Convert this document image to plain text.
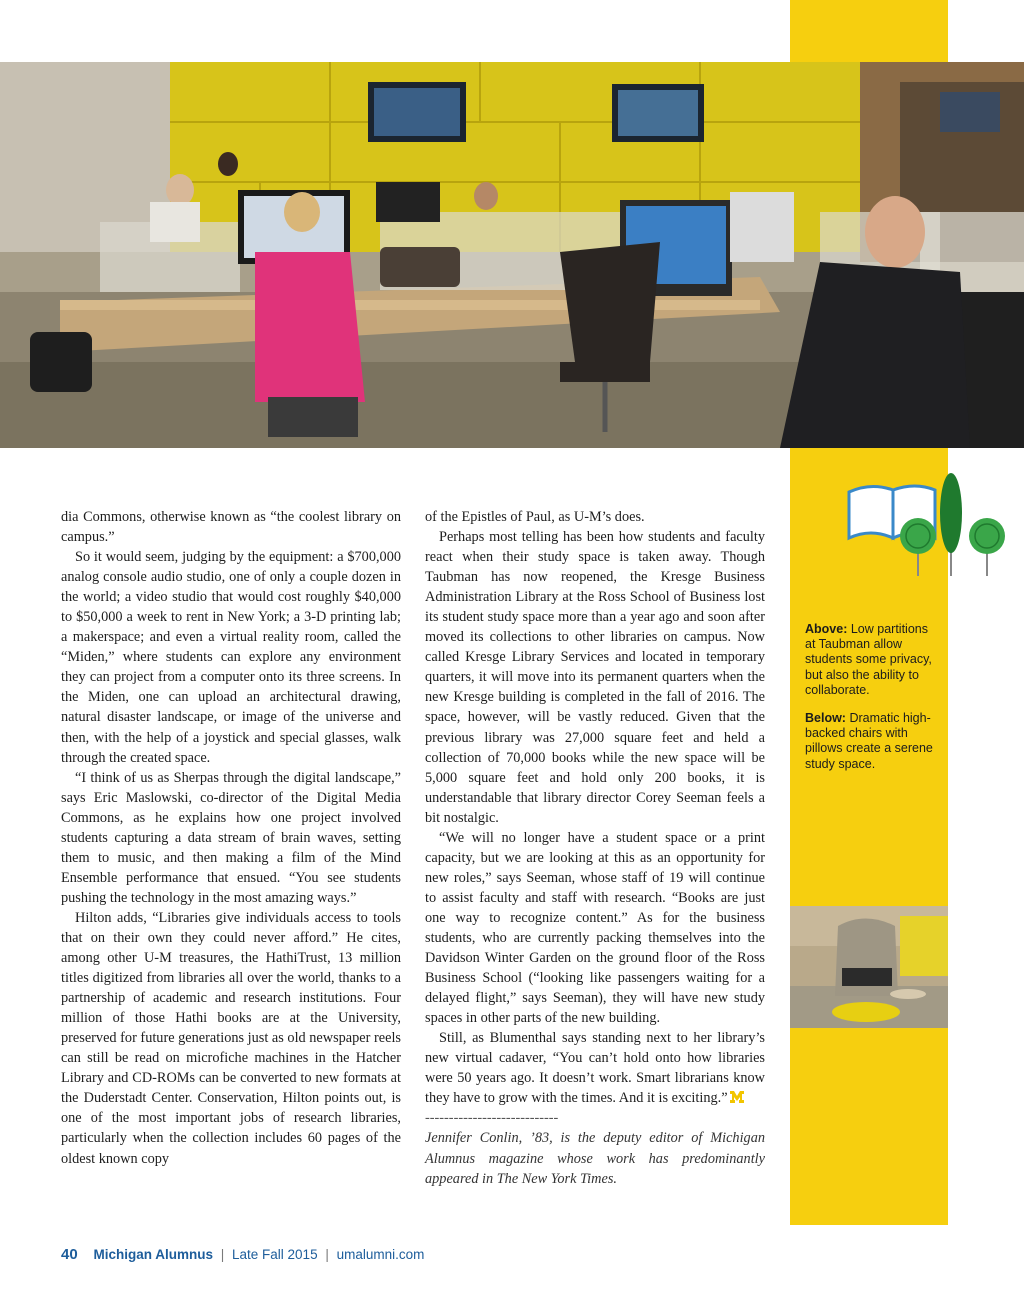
Above: Low partitions at Taubman allow students some privacy, but also the ability to collaborate.

Below: Dramatic high-backed chairs with pillows create a serene study space.

dia Commons, otherwise known as “the coolest library on campus.”

So it would seem, judging by the equipment: a $700,000 analog console audio studio, one of only a couple dozen in the world; a video studio that would cost roughly $40,000 to $50,000 a week to rent in New York; a 3-D printing lab; a makerspace; and even a virtual reality room, called the “Miden,” where students can explore any environment they can project from a computer onto its three screens. In the Miden, one can upload an architectural drawing, natural disaster landscape, or image of the universe and then, with the help of a joystick and special glasses, walk through the created space.

“I think of us as Sherpas through the digital landscape,” says Eric Maslowski, co-director of the Digital Media Commons, as he explains how one project involved students capturing a data stream of brain waves, setting them to music, and then making a film of the Mind Ensemble performance that ensued. “You see students pushing the technology in the most amazing ways.”

Hilton adds, “Libraries give individuals access to tools that on their own they could never afford.” He cites, among other U-M treasures, the HathiTrust, 13 million titles digitized from libraries all over the world, thanks to a partnership of academic and research institutions. Four million of those Hathi books are at the University, preserved for future generations just as old newspaper reels can still be read on microfiche machines in the Hatcher Library and CD-ROMs can be converted to new formats at the Duderstadt Center. Conservation, Hilton points out, is one of the most important jobs of research libraries, particularly when the collection includes 60 pages of the oldest known copy

of the Epistles of Paul, as U-M’s does.

Perhaps most telling has been how students and faculty react when their study space is taken away. Though Taubman has now reopened, the Kresge Business Administration Library at the Ross School of Business lost its student study space more than a year ago and soon after moved its collections to other libraries on campus. Now called Kresge Library Services and located in temporary quarters, it will move into its permanent quarters when the new Kresge building is completed in the fall of 2016. The space, however, will be vastly reduced. Given that the previous library was 27,000 square feet and held a collection of 70,000 books while the new space will be 5,000 square feet and hold only 200 books, it is understandable that library director Corey Seeman feels a bit nostalgic.

“We will no longer have a student space or a print capacity, but we are looking at this as an opportunity for new roles,” says Seeman, whose staff of 19 will continue to assist faculty and staff with research. “Books are just one way to recognize content.” As for the business students, who are currently packing themselves into the Davidson Winter Garden on the ground floor of the Ross Business School (“looking like passengers waiting for a delayed flight,” says Seeman), they will have new study spaces in other parts of the new building.

Still, as Blumenthal says standing next to her library’s new virtual cadaver, “You can’t hold onto how libraries were 50 years ago. It doesn’t work. Smart librarians know they have to grow with the times. And it is exciting.”

----------------------------

Jennifer Conlin, ’83, is the deputy editor of Michigan Alumnus magazine whose work has predominantly appeared in The New York Times.

40 Michigan Alumnus | Late Fall 2015 | umalumni.com
